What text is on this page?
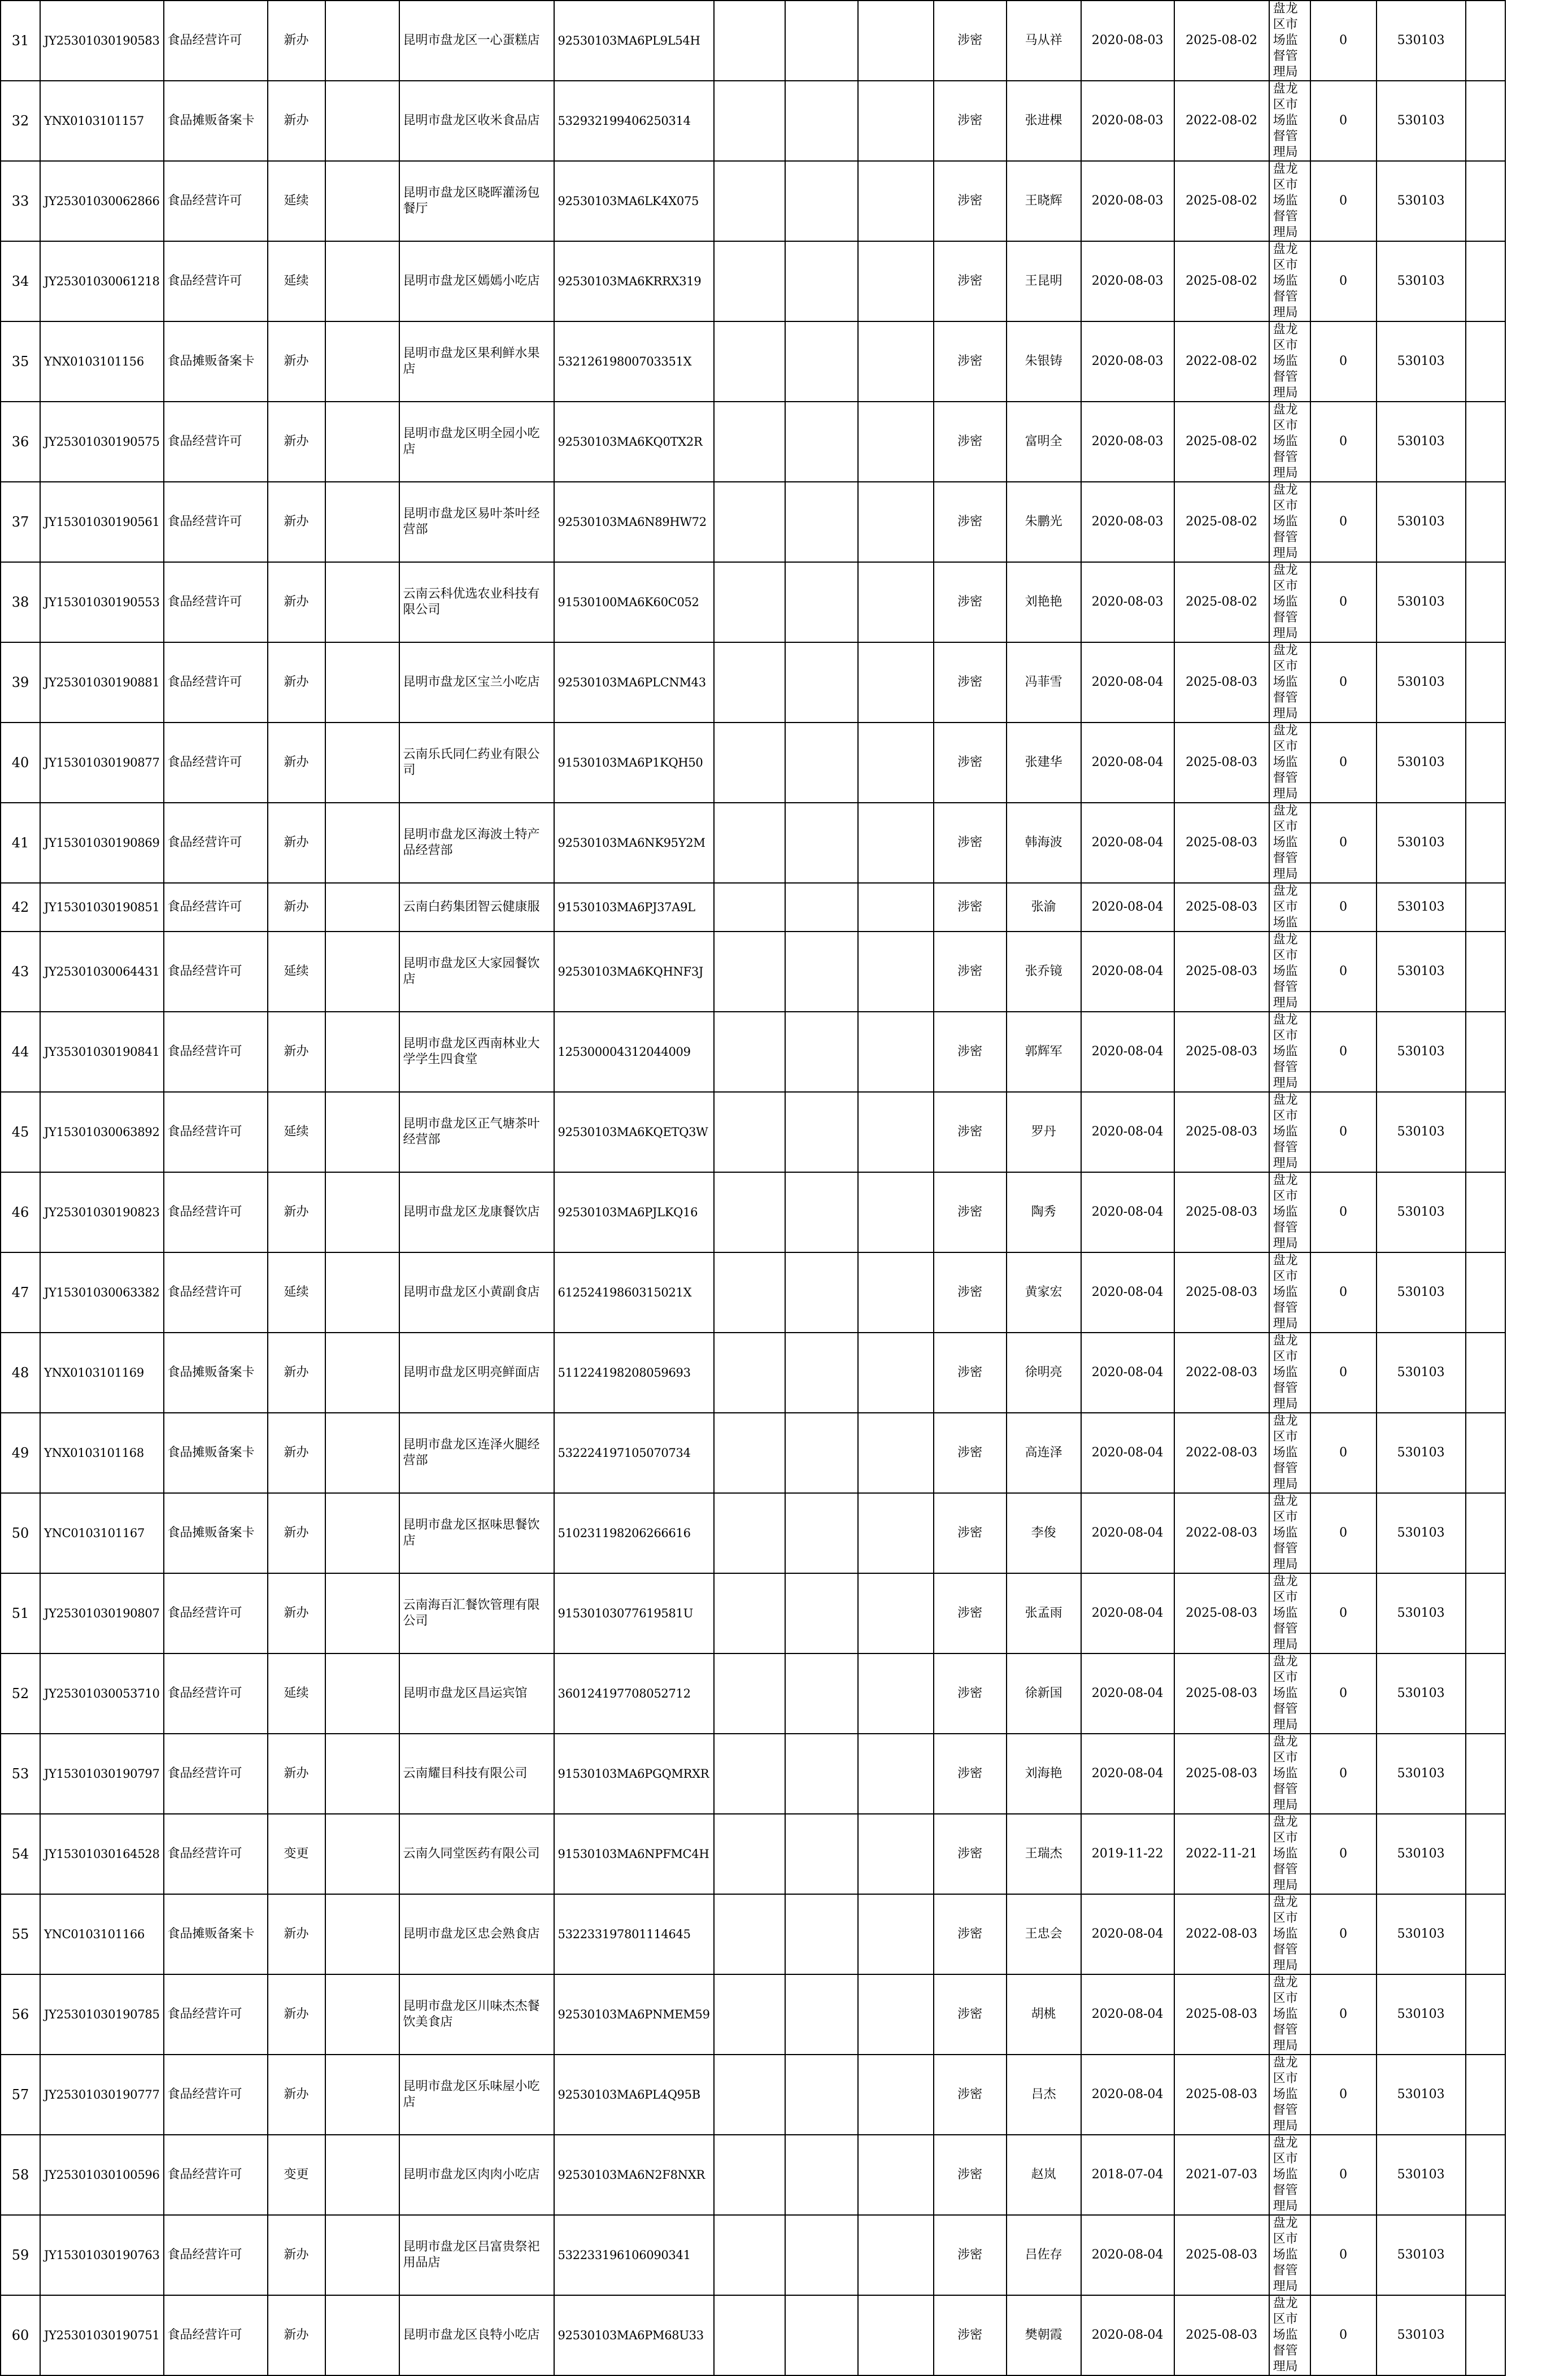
31	JY25301030190583	食品经营许可	新办		昆明市盘龙区一心蛋糕店	92530103MA6PL9L54H				涉密	马从祥	2020-08-03	2025-08-02	盘龙区市场监督管理局	0	530103	
32	YNX0103101157	食品摊贩备案卡	新办		昆明市盘龙区收米食品店	532932199406250314				涉密	张进棵	2020-08-03	2022-08-02	盘龙区市场监督管理局	0	530103	
33	JY25301030062866	食品经营许可	延续		昆明市盘龙区晓晖灌汤包餐厅	92530103MA6LK4X075				涉密	王晓辉	2020-08-03	2025-08-02	盘龙区市场监督管理局	0	530103	
34	JY25301030061218	食品经营许可	延续		昆明市盘龙区嫣嫣小吃店	92530103MA6KRRX319				涉密	王昆明	2020-08-03	2025-08-02	盘龙区市场监督管理局	0	530103	
35	YNX0103101156	食品摊贩备案卡	新办		昆明市盘龙区果利鲜水果店	53212619800703351X				涉密	朱银铸	2020-08-03	2022-08-02	盘龙区市场监督管理局	0	530103	
36	JY25301030190575	食品经营许可	新办		昆明市盘龙区明全园小吃店	92530103MA6KQ0TX2R				涉密	富明全	2020-08-03	2025-08-02	盘龙区市场监督管理局	0	530103	
37	JY15301030190561	食品经营许可	新办		昆明市盘龙区易叶茶叶经营部	92530103MA6N89HW72				涉密	朱鹏光	2020-08-03	2025-08-02	盘龙区市场监督管理局	0	530103	
38	JY15301030190553	食品经营许可	新办		云南云科优选农业科技有限公司	91530100MA6K60C052				涉密	刘艳艳	2020-08-03	2025-08-02	盘龙区市场监督管理局	0	530103	
39	JY25301030190881	食品经营许可	新办		昆明市盘龙区宝兰小吃店	92530103MA6PLCNM43				涉密	冯菲雪	2020-08-04	2025-08-03	盘龙区市场监督管理局	0	530103	
40	JY15301030190877	食品经营许可	新办		云南乐氏同仁药业有限公司	91530103MA6P1KQH50				涉密	张建华	2020-08-04	2025-08-03	盘龙区市场监督管理局	0	530103	
41	JY15301030190869	食品经营许可	新办		昆明市盘龙区海波土特产品经营部	92530103MA6NK95Y2M				涉密	韩海波	2020-08-04	2025-08-03	盘龙区市场监督管理局	0	530103	
42	JY15301030190851	食品经营许可	新办		云南白药集团智云健康服	91530103MA6PJ37A9L				涉密	张渝	2020-08-04	2025-08-03	盘龙区市场监	0	530103	
43	JY25301030064431	食品经营许可	延续		昆明市盘龙区大家园餐饮店	92530103MA6KQHNF3J				涉密	张乔镜	2020-08-04	2025-08-03	盘龙区市场监督管理局	0	530103	
44	JY35301030190841	食品经营许可	新办		昆明市盘龙区西南林业大学学生四食堂	125300004312044009				涉密	郭辉军	2020-08-04	2025-08-03	盘龙区市场监督管理局	0	530103	
45	JY15301030063892	食品经营许可	延续		昆明市盘龙区正气塘茶叶经营部	92530103MA6KQETQ3W				涉密	罗丹	2020-08-04	2025-08-03	盘龙区市场监督管理局	0	530103	
46	JY25301030190823	食品经营许可	新办		昆明市盘龙区龙康餐饮店	92530103MA6PJLKQ16				涉密	陶秀	2020-08-04	2025-08-03	盘龙区市场监督管理局	0	530103	
47	JY15301030063382	食品经营许可	延续		昆明市盘龙区小黄副食店	61252419860315021X				涉密	黄家宏	2020-08-04	2025-08-03	盘龙区市场监督管理局	0	530103	
48	YNX0103101169	食品摊贩备案卡	新办		昆明市盘龙区明亮鲜面店	511224198208059693				涉密	徐明亮	2020-08-04	2022-08-03	盘龙区市场监督管理局	0	530103	
49	YNX0103101168	食品摊贩备案卡	新办		昆明市盘龙区连泽火腿经营部	532224197105070734				涉密	高连泽	2020-08-04	2022-08-03	盘龙区市场监督管理局	0	530103	
50	YNC0103101167	食品摊贩备案卡	新办		昆明市盘龙区抠味思餐饮店	510231198206266616				涉密	李俊	2020-08-04	2022-08-03	盘龙区市场监督管理局	0	530103	
51	JY25301030190807	食品经营许可	新办		云南海百汇餐饮管理有限公司	91530103077619581U				涉密	张孟雨	2020-08-04	2025-08-03	盘龙区市场监督管理局	0	530103	
52	JY25301030053710	食品经营许可	延续		昆明市盘龙区昌运宾馆	360124197708052712				涉密	徐新国	2020-08-04	2025-08-03	盘龙区市场监督管理局	0	530103	
53	JY15301030190797	食品经营许可	新办		云南耀目科技有限公司	91530103MA6PGQMRXR				涉密	刘海艳	2020-08-04	2025-08-03	盘龙区市场监督管理局	0	530103	
54	JY15301030164528	食品经营许可	变更		云南久同堂医药有限公司	91530103MA6NPFMC4H				涉密	王瑞杰	2019-11-22	2022-11-21	盘龙区市场监督管理局	0	530103	
55	YNC0103101166	食品摊贩备案卡	新办		昆明市盘龙区忠会熟食店	532233197801114645				涉密	王忠会	2020-08-04	2022-08-03	盘龙区市场监督管理局	0	530103	
56	JY25301030190785	食品经营许可	新办		昆明市盘龙区川味杰杰餐饮美食店	92530103MA6PNMEM59				涉密	胡桃	2020-08-04	2025-08-03	盘龙区市场监督管理局	0	530103	
57	JY25301030190777	食品经营许可	新办		昆明市盘龙区乐味屋小吃店	92530103MA6PL4Q95B				涉密	吕杰	2020-08-04	2025-08-03	盘龙区市场监督管理局	0	530103	
58	JY25301030100596	食品经营许可	变更		昆明市盘龙区肉肉小吃店	92530103MA6N2F8NXR				涉密	赵岚	2018-07-04	2021-07-03	盘龙区市场监督管理局	0	530103	
59	JY15301030190763	食品经营许可	新办		昆明市盘龙区吕富贵祭祀用品店	532233196106090341				涉密	吕佐存	2020-08-04	2025-08-03	盘龙区市场监督管理局	0	530103	
60	JY25301030190751	食品经营许可	新办		昆明市盘龙区良特小吃店	92530103MA6PM68U33				涉密	樊朝霞	2020-08-04	2025-08-03	盘龙区市场监督管理局	0	530103	
